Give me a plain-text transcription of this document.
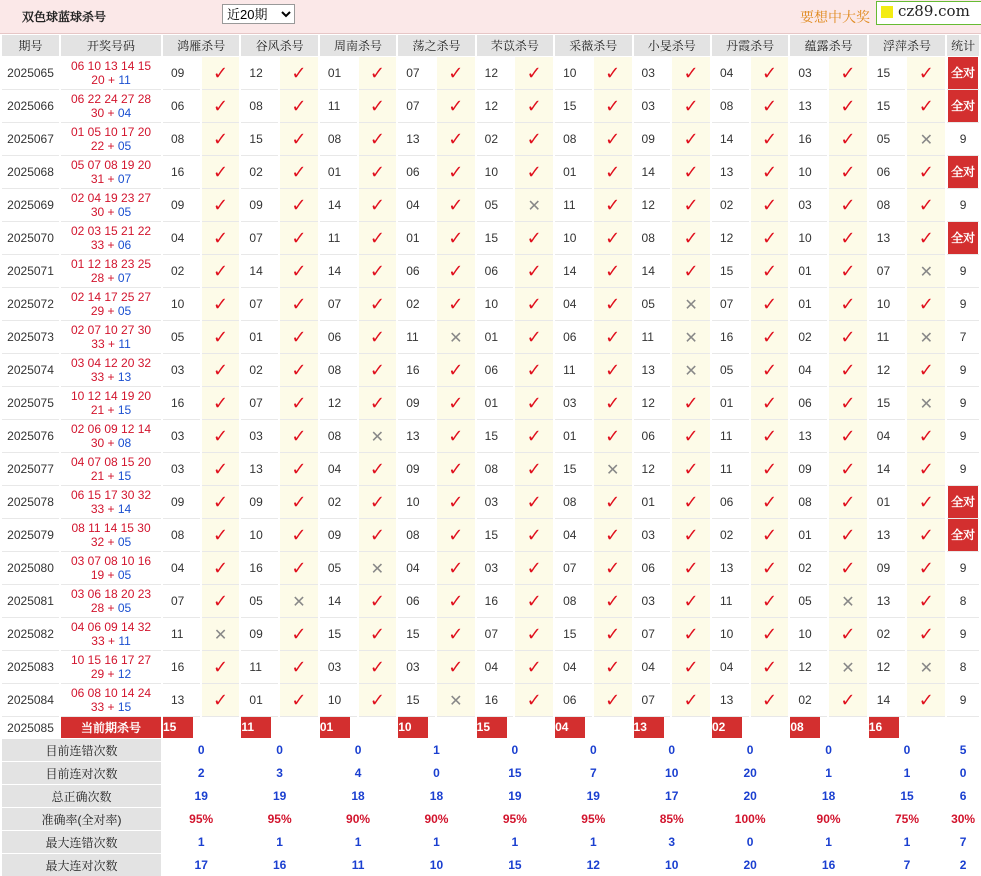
双色球蓝球杀号
近20期	要想中大奖 cz89.com
期号	开奖号码	鸿雁杀号		谷风杀号		周南杀号		荡之杀号		芣苡杀号		采薇杀号		小旻杀号		丹霞杀号		蕴露杀号		浮萍杀号		统计
2025065	06 10 13 14 15
20 + 11	09	✓	12	✓	01	✓	07	✓	12	✓	10	✓	03	✓	04	✓	03	✓	15	✓	全对
2025066	06 22 24 27 28
30 + 04	06	✓	08	✓	11	✓	07	✓	12	✓	15	✓	03	✓	08	✓	13	✓	15	✓	全对
2025067	01 05 10 17 20
22 + 05	08	✓	15	✓	08	✓	13	✓	02	✓	08	✓	09	✓	14	✓	16	✓	05	✕	9
2025068	05 07 08 19 20
31 + 07	16	✓	02	✓	01	✓	06	✓	10	✓	01	✓	14	✓	13	✓	10	✓	06	✓	全对
2025069	02 04 19 23 27
30 + 05	09	✓	09	✓	14	✓	04	✓	05	✕	11	✓	12	✓	02	✓	03	✓	08	✓	9
2025070	02 03 15 21 22
33 + 06	04	✓	07	✓	11	✓	01	✓	15	✓	10	✓	08	✓	12	✓	10	✓	13	✓	全对
2025071	01 12 18 23 25
28 + 07	02	✓	14	✓	14	✓	06	✓	06	✓	14	✓	14	✓	15	✓	01	✓	07	✕	9
2025072	02 14 17 25 27
29 + 05	10	✓	07	✓	07	✓	02	✓	10	✓	04	✓	05	✕	07	✓	01	✓	10	✓	9
2025073	02 07 10 27 30
33 + 11	05	✓	01	✓	06	✓	11	✕	01	✓	06	✓	11	✕	16	✓	02	✓	11	✕	7
2025074	03 04 12 20 32
33 + 13	03	✓	02	✓	08	✓	16	✓	06	✓	11	✓	13	✕	05	✓	04	✓	12	✓	9
2025075	10 12 14 19 20
21 + 15	16	✓	07	✓	12	✓	09	✓	01	✓	03	✓	12	✓	01	✓	06	✓	15	✕	9
2025076	02 06 09 12 14
30 + 08	03	✓	03	✓	08	✕	13	✓	15	✓	01	✓	06	✓	11	✓	13	✓	04	✓	9
2025077	04 07 08 15 20
21 + 15	03	✓	13	✓	04	✓	09	✓	08	✓	15	✕	12	✓	11	✓	09	✓	14	✓	9
2025078	06 15 17 30 32
33 + 14	09	✓	09	✓	02	✓	10	✓	03	✓	08	✓	01	✓	06	✓	08	✓	01	✓	全对
2025079	08 11 14 15 30
32 + 05	08	✓	10	✓	09	✓	08	✓	15	✓	04	✓	03	✓	02	✓	01	✓	13	✓	全对
2025080	03 07 08 10 16
19 + 05	04	✓	16	✓	05	✕	04	✓	03	✓	07	✓	06	✓	13	✓	02	✓	09	✓	9
2025081	03 06 18 20 23
28 + 05	07	✓	05	✕	14	✓	06	✓	16	✓	08	✓	03	✓	11	✓	05	✕	13	✓	8
2025082	04 06 09 14 32
33 + 11	11	✕	09	✓	15	✓	15	✓	07	✓	15	✓	07	✓	10	✓	10	✓	02	✓	9
2025083	10 15 16 17 27
29 + 12	16	✓	11	✓	03	✓	03	✓	04	✓	04	✓	04	✓	04	✓	12	✕	12	✕	8
2025084	06 08 10 14 24
33 + 15	13	✓	01	✓	10	✓	15	✕	16	✓	06	✓	07	✓	13	✓	02	✓	14	✓	9
2025085	当前期杀号	15		11		01		10		15		04		13		02		08		16		
目前连错次数		0		0		0		1		0		0		0		0		0		0		5
目前连对次数		2		3		4		0		15		7		10		20		1		1		0
总正确次数		19		19		18		18		19		19		17		20		18		15		6
准确率(全对率)		95%		95%		90%		90%		95%		95%		85%		100%		90%		75%		30%
最大连错次数		1		1		1		1		1		1		3		0		1		1		7
最大连对次数		17		16		11		10		15		12		10		20		16		7		2
